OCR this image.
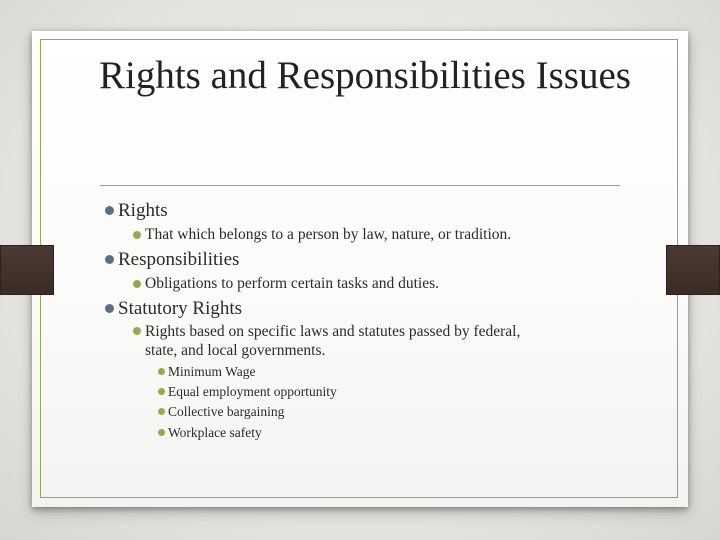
Rights and Responsibilities Issues
Rights
That which belongs to a person by law, nature, or tradition.
Responsibilities
Obligations to perform certain tasks and duties.
Statutory Rights
Rights based on specific laws and statutes passed by federal,
state, and local governments.
Minimum Wage
Equal employment opportunity
Collective bargaining
Workplace safety
